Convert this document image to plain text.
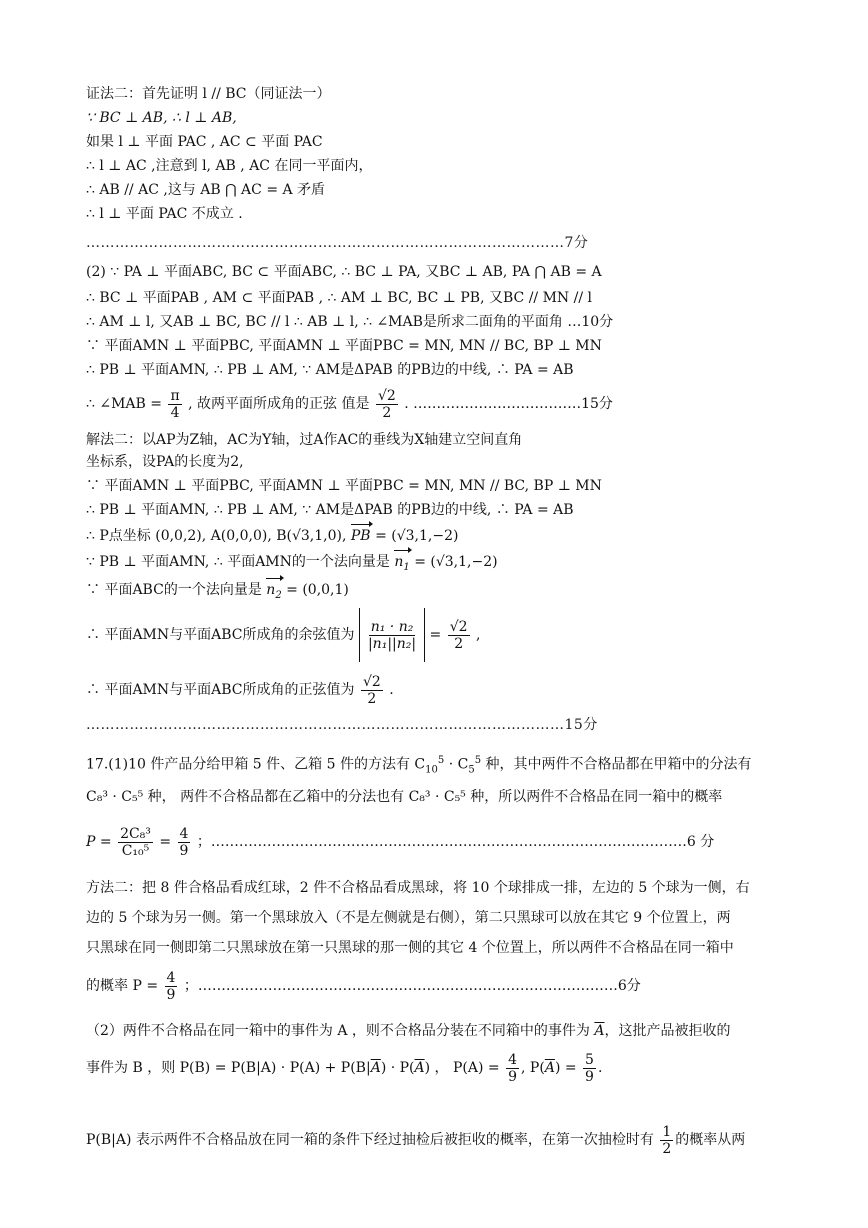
证法二：首先证明 l // BC（同证法一）
∵ BC ⊥ AB, ∴ l ⊥ AB,
如果 l ⊥ 平面 PAC , AC ⊂ 平面 PAC
∴ l ⊥ AC ,注意到 l, AB , AC 在同一平面内，
∴ AB // AC ,这与 AB ⋂ AC = A 矛盾
∴ l ⊥ 平面 PAC 不成立 .
………………………………………………………………………………………7分
(2) ∵ PA ⊥ 平面ABC, BC ⊂ 平面ABC, ∴ BC ⊥ PA, 又BC ⊥ AB, PA ⋂ AB = A
∴ BC ⊥ 平面PAB , AM ⊂ 平面PAB , ∴ AM ⊥ BC, BC ⊥ PB, 又BC // MN // l
∴ AM ⊥ l, 又AB ⊥ BC, BC // l ∴ AB ⊥ l, ∴ ∠MAB是所求二面角的平面角 …10分
∵ 平面AMN ⊥ 平面PBC, 平面AMN ⊥ 平面PBC = MN, MN // BC, BP ⊥ MN
∴ PB ⊥ 平面AMN, ∴ PB ⊥ AM, ∵ AM是ΔPAB 的PB边的中线, ∴ PA = AB
∴ ∠MAB = $\frac{\pi}{4}$ , 故两平面所成角的正弦 值是 $\frac{√2}{2}$ . ………………………………15分
解法二：以AP为Z轴，AC为Y轴，过A作AC的垂线为X轴建立空间直角
坐标系，设PA的长度为2,
∵ 平面AMN ⊥ 平面PBC, 平面AMN ⊥ 平面PBC = MN, MN // BC, BP ⊥ MN
∴ PB ⊥ 平面AMN, ∴ PB ⊥ AM, ∵ AM是ΔPAB 的PB边的中线, ∴ PA = AB
∴ P点坐标 (0,0,2), A(0,0,0), B(√3,1,0), PB = (√3,1,−2)
∵ PB ⊥ 平面AMN, ∴ 平面AMN的一个法向量是 $n_1 = (√3,1,-2)$
∵ 平面ABC的一个法向量是 $n_2 = (0,0,1)$
∴ 平面AMN与平面ABC所成角的余弦值为 $\frac{\text{n₁ · n₂}}{\text{|n₁||n₂|}} = \frac{√2}{2}$ ,
∴ 平面AMN与平面ABC所成角的正弦值为 $\frac{√2}{2}$ .
………………………………………………………………………………………15分
17.(1)10 件产品分给甲箱 5 件、乙箱 5 件的方法有 $C_{10}^5 \cdot C_5^5$ 种，其中两件不合格品都在甲箱中的分法有
C₈³ · C₅⁵ 种， 两件不合格品都在乙箱中的分法也有 C₈³ · C₅⁵ 种，所以两件不合格品在同一箱中的概率
$P = \frac{\text{2C₈³}}{\text{C₁₀⁵}} = \frac{4}{9}$ ；…………………………………………………………………………………………6 分
方法二：把 8 件合格品看成红球，2 件不合格品看成黑球，将 10 个球排成一排，左边的 5 个球为一侧，右
边的 5 个球为另一侧。第一个黑球放入（不是左侧就是右侧），第二只黑球可以放在其它 9 个位置上，两
只黑球在同一侧即第二只黑球放在第一只黑球的那一侧的其它 4 个位置上，所以两件不合格品在同一箱中
的概率 $P = \frac{4}{9}$ ；………………………………………………………………………………6分
（2）两件不合格品在同一箱中的事件为 A ，则不合格品分装在不同箱中的事件为 $\overline{A}$，这批产品被拒收的
事件为 B ，则 $P(B) = P(B|A) \cdot P(A) + P(B|\overline{A}) \cdot P(\overline{A})$ ， $P(A) = \frac{4}{9}$ , $P(\overline{A}) = \frac{5}{9}$ .
P(B|A) 表示两件不合格品放在同一箱的条件下经过抽检后被拒收的概率，在第一次抽检时有 $\frac{1}{2}$ 的概率从两
